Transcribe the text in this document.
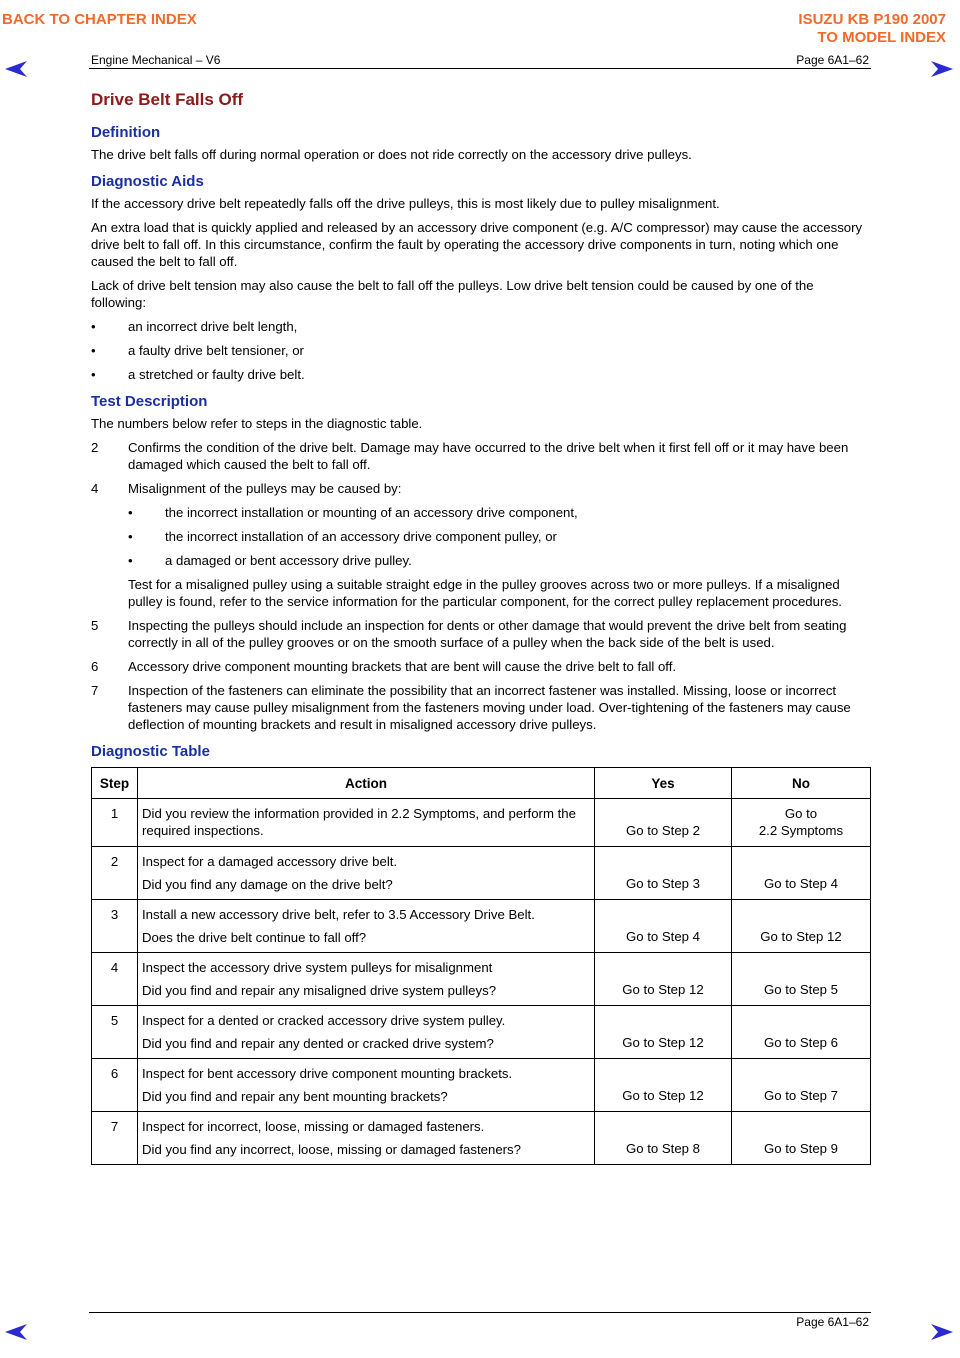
BACK TO CHAPTER INDEX	ISUZU KB P190 2007
TO MODEL INDEX
Engine Mechanical – V6	Page 6A1–62
Page 6A1–62
Drive Belt Falls Off
Definition

The drive belt falls off during normal operation or does not ride correctly on the accessory drive pulleys.

Diagnostic Aids

If the accessory drive belt repeatedly falls off the drive pulleys, this is most likely due to pulley misalignment.

An extra load that is quickly applied and released by an accessory drive component (e.g. A/C compressor) may cause the accessory drive belt to fall off. In this circumstance, confirm the fault by operating the accessory drive components in turn, noting which one caused the belt to fall off.

Lack of drive belt tension may also cause the belt to fall off the pulleys. Low drive belt tension could be caused by one of the following:

• an incorrect drive belt length,
• a faulty drive belt tensioner, or
• a stretched or faulty drive belt.
Test Description

The numbers below refer to steps in the diagnostic table.

2 Confirms the condition of the drive belt. Damage may have occurred to the drive belt when it first fell off or it may have been damaged which caused the belt to fall off.
4 Misalignment of the pulleys may be caused by:
• the incorrect installation or mounting of an accessory drive component,
• the incorrect installation of an accessory drive component pulley, or
• a damaged or bent accessory drive pulley.

Test for a misaligned pulley using a suitable straight edge in the pulley grooves across two or more pulleys. If a misaligned pulley is found, refer to the service information for the particular component, for the correct pulley replacement procedures.

5 Inspecting the pulleys should include an inspection for dents or other damage that would prevent the drive belt from seating correctly in all of the pulley grooves or on the smooth surface of a pulley when the back side of the belt is used.
6 Accessory drive component mounting brackets that are bent will cause the drive belt to fall off.
7 Inspection of the fasteners can eliminate the possibility that an incorrect fastener was installed. Missing, loose or incorrect fasteners may cause pulley misalignment from the fasteners moving under load. Over-tightening of the fasteners may cause deflection of mounting brackets and result in misaligned accessory drive pulleys.
Diagnostic Table
Step	Action	Yes	No
1	Did you review the information provided in 2.2 Symptoms, and perform the required inspections.	Go to Step 2	Go to
2.2 Symptoms
2	Inspect for a damaged accessory drive belt.
Did you find any damage on the drive belt?	Go to Step 3	Go to Step 4
3	Install a new accessory drive belt, refer to 3.5 Accessory Drive Belt.
Does the drive belt continue to fall off?	Go to Step 4	Go to Step 12
4	Inspect the accessory drive system pulleys for misalignment
Did you find and repair any misaligned drive system pulleys?	Go to Step 12	Go to Step 5
5	Inspect for a dented or cracked accessory drive system pulley.
Did you find and repair any dented or cracked drive system?	Go to Step 12	Go to Step 6
6	Inspect for bent accessory drive component mounting brackets.
Did you find and repair any bent mounting brackets?	Go to Step 12	Go to Step 7
7	Inspect for incorrect, loose, missing or damaged fasteners.
Did you find any incorrect, loose, missing or damaged fasteners?	Go to Step 8	Go to Step 9
